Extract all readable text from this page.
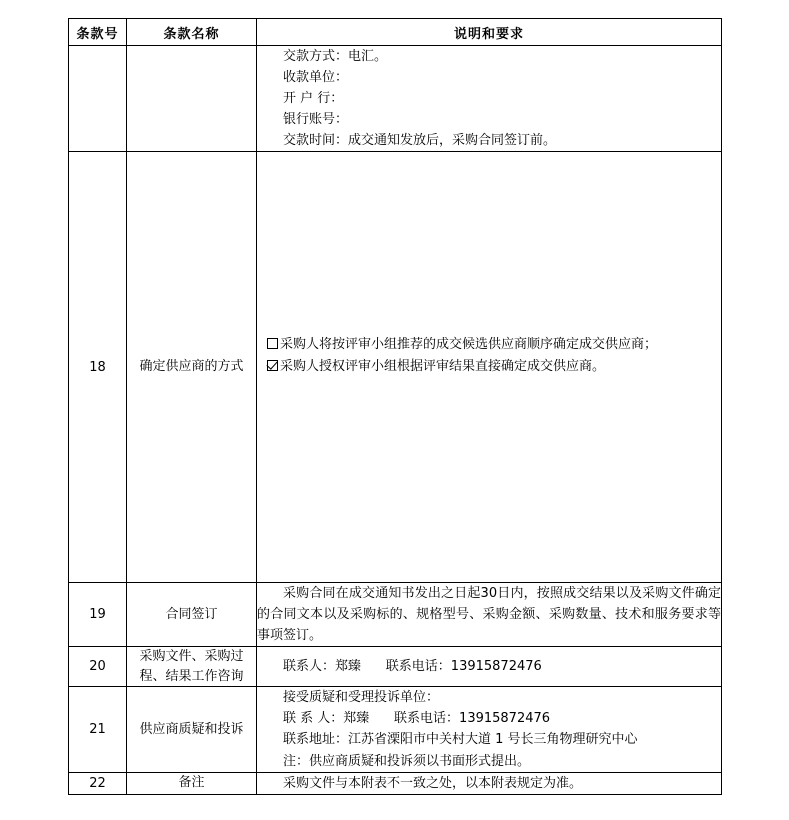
条款号	条款名称	说明和要求

		交款方式：电汇。
收款单位：
开 户 行：
银行账号：
交款时间：成交通知发放后，采购合同签订前。

18	确定供应商的方式	采购人将按评审小组推荐的成交候选供应商顺序确定成交供应商；
采购人授权评审小组根据评审结果直接确定成交供应商。

19	合同签订	采购合同在成交通知书发出之日起30日内，按照成交结果以及采购文件确定的合同文本以及采购标的、规格型号、采购金额、采购数量、技术和服务要求等事项签订。

20	采购文件、采购过程、结果工作咨询	联系人：郑臻      联系电话：13915872476

21	供应商质疑和投诉	接受质疑和受理投诉单位：
联 系 人：郑臻      联系电话：13915872476
联系地址：江苏省溧阳市中关村大道 1 号长三角物理研究中心
注：供应商质疑和投诉须以书面形式提出。

22	备注	采购文件与本附表不一致之处，以本附表规定为准。
